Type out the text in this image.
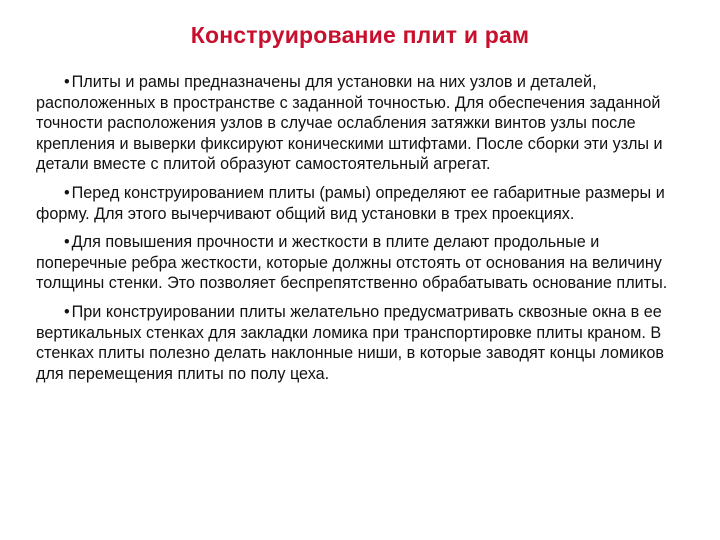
Конструирование плит и рам

• Плиты и рамы предназначены для установки на них узлов и деталей, расположенных в пространстве с заданной точностью. Для обеспечения заданной точности расположения узлов в случае ослабления затяжки винтов узлы после крепления и выверки фиксируют коническими штифтами. После сборки эти узлы и детали вместе с плитой образуют самостоятельный агрегат.

• Перед конструированием плиты (рамы) определяют ее габаритные размеры и форму. Для этого вычерчивают общий вид установки в трех проекциях.

• Для повышения прочности и жесткости в плите делают продольные и поперечные ребра жесткости, которые должны отстоять от основания на величину толщины стенки. Это позволяет беспрепятственно обрабатывать основание плиты.

• При конструировании плиты желательно предусматривать сквозные окна в ее вертикальных стенках для закладки ломика при транспортировке плиты краном. В стенках плиты полезно делать наклонные ниши, в которые заводят концы ломиков для перемещения плиты по полу цеха.
